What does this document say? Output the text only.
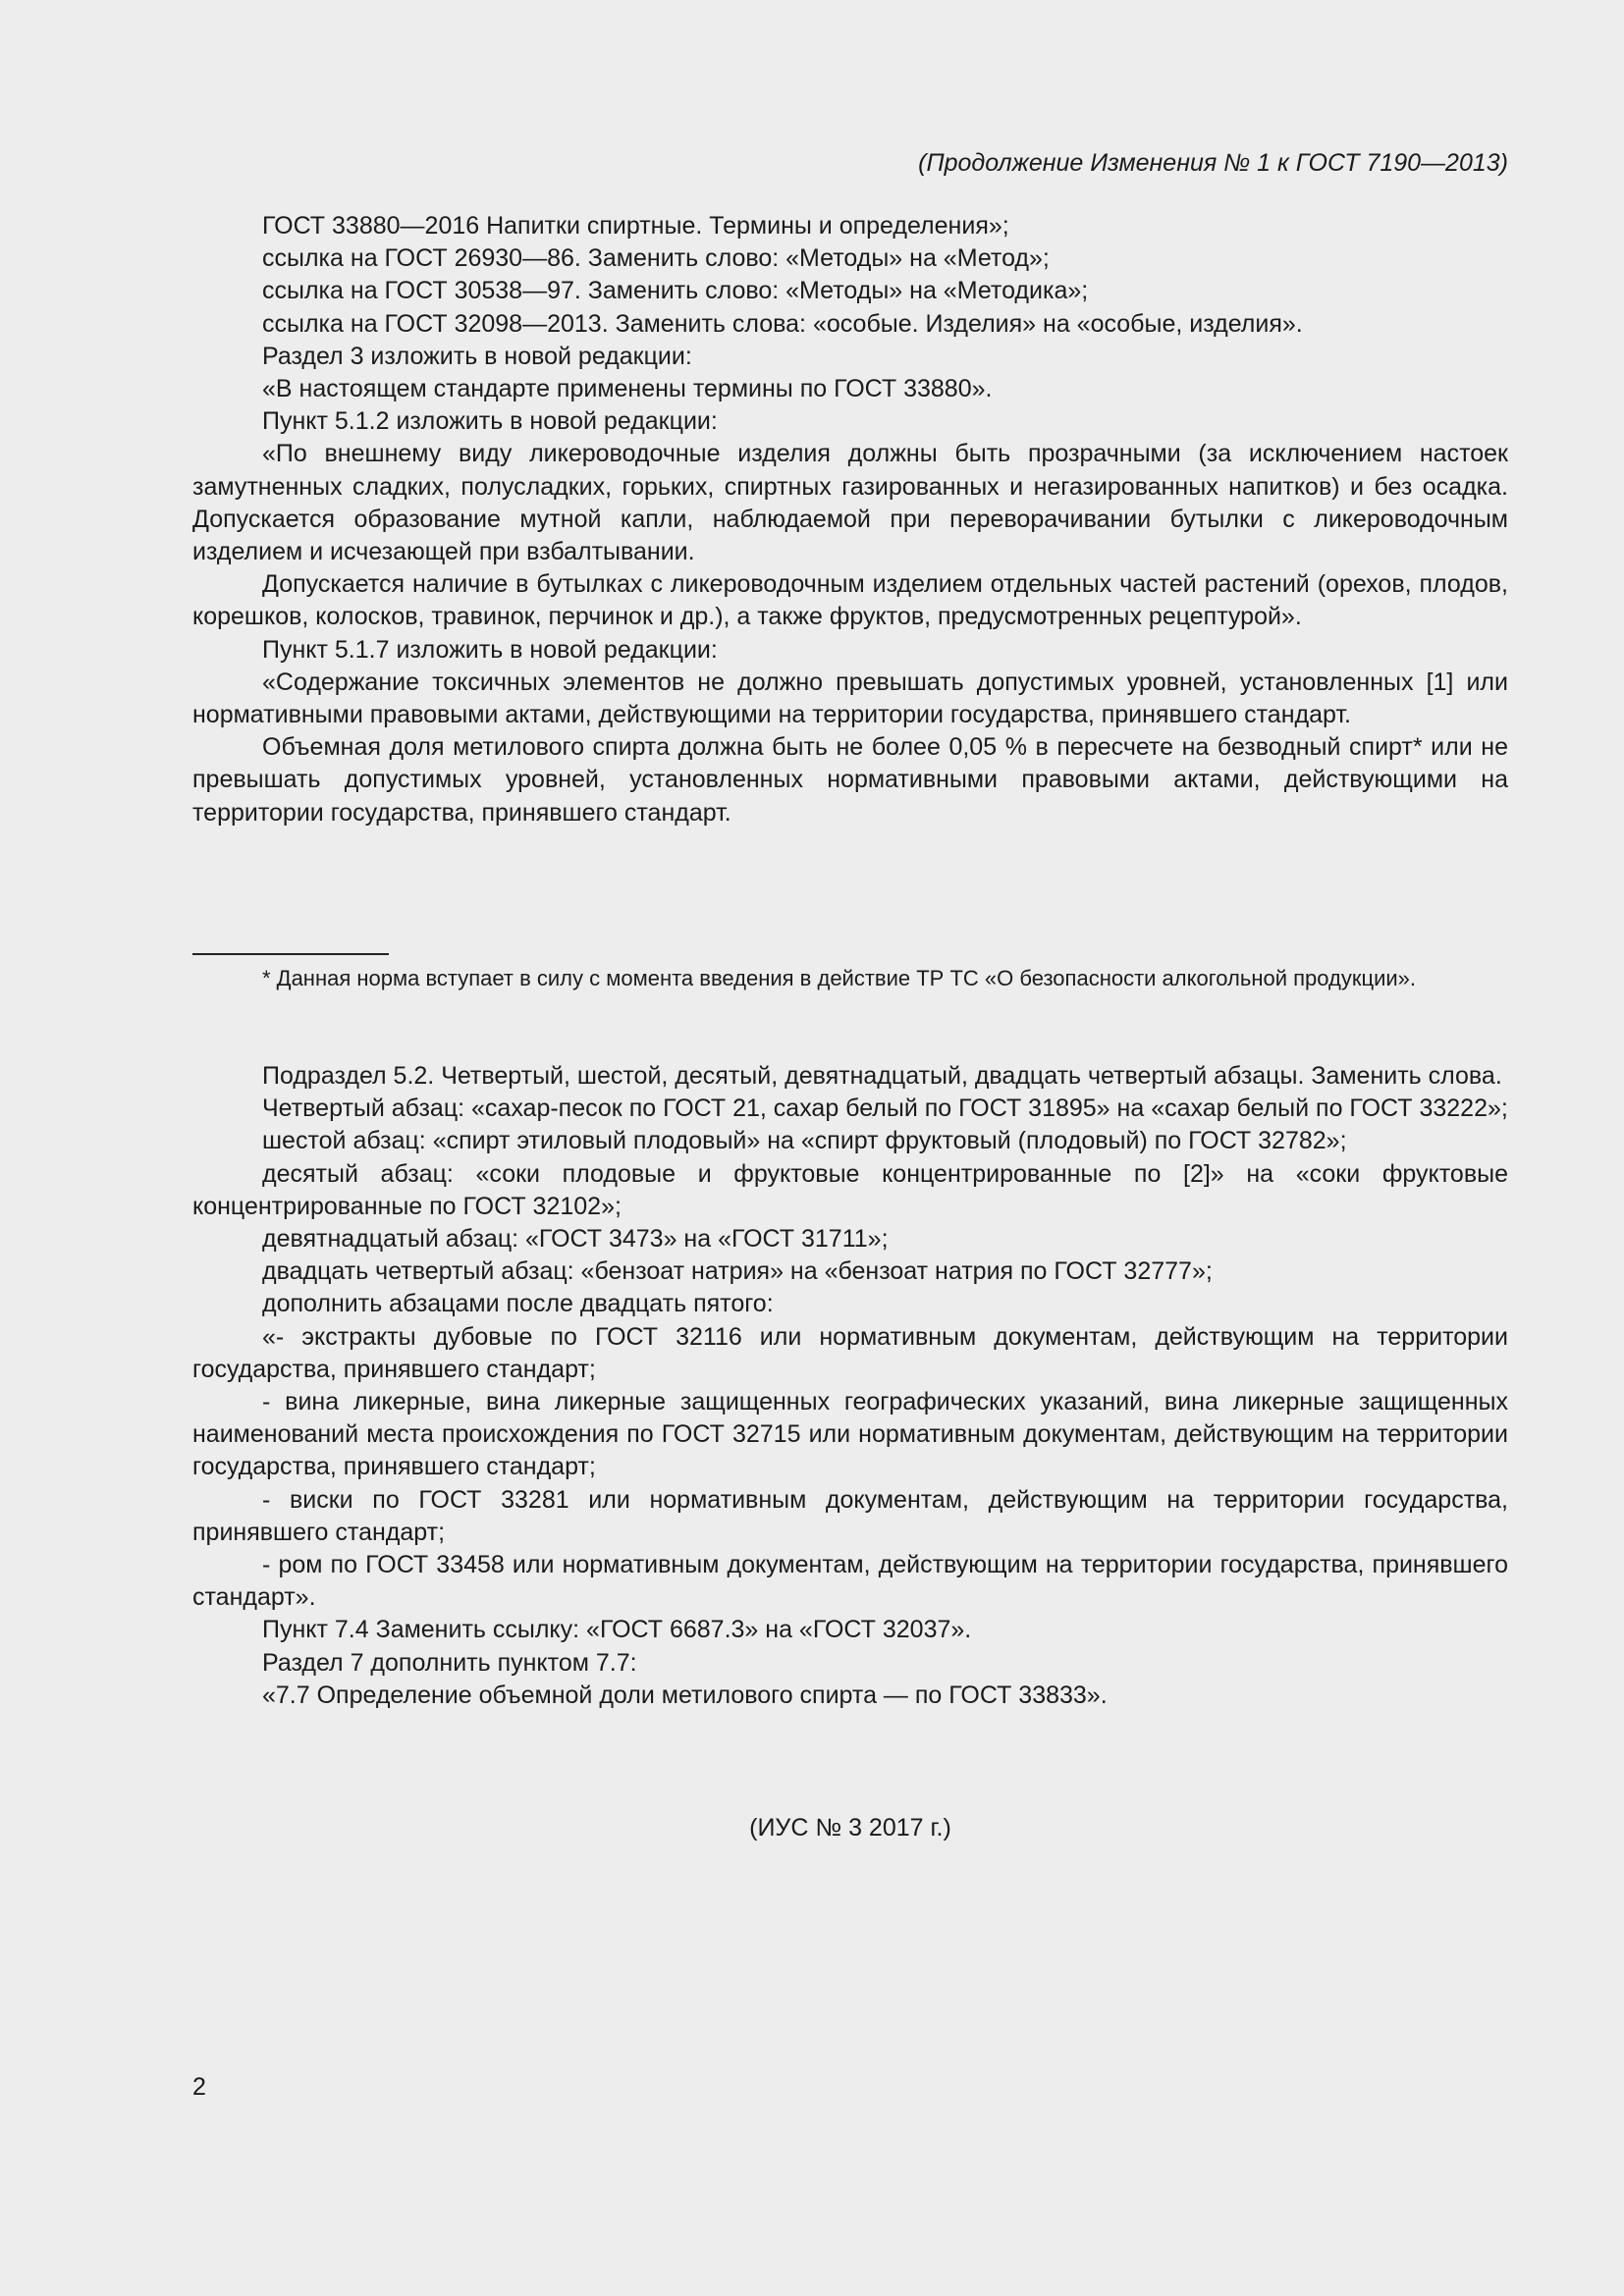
(Продолжение Изменения № 1 к ГОСТ 7190—2013)

ГОСТ 33880—2016 Напитки спиртные. Термины и определения»;

ссылка на ГОСТ 26930—86. Заменить слово: «Методы» на «Метод»;

ссылка на ГОСТ 30538—97. Заменить слово: «Методы» на «Методика»;

ссылка на ГОСТ 32098—2013. Заменить слова: «особые. Изделия» на «особые, изделия».

Раздел 3 изложить в новой редакции:

«В настоящем стандарте применены термины по ГОСТ 33880».

Пункт 5.1.2 изложить в новой редакции:

«По внешнему виду ликероводочные изделия должны быть прозрачными (за исключением настоек замутненных сладких, полусладких, горьких, спиртных газированных и негазированных напитков) и без осадка. Допускается образование мутной капли, наблюдаемой при переворачивании бутылки с ликероводочным изделием и исчезающей при взбалтывании.

Допускается наличие в бутылках с ликероводочным изделием отдельных частей растений (орехов, плодов, корешков, колосков, травинок, перчинок и др.), а также фруктов, предусмотренных рецептурой».

Пункт 5.1.7 изложить в новой редакции:

«Содержание токсичных элементов не должно превышать допустимых уровней, установленных [1] или нормативными правовыми актами, действующими на территории государства, принявшего стандарт.

Объемная доля метилового спирта должна быть не более 0,05 % в пересчете на безводный спирт* или не превышать допустимых уровней, установленных нормативными правовыми актами, действующими на территории государства, принявшего стандарт.

* Данная норма вступает в силу с момента введения в действие ТР ТС «О безопасности алкогольной продукции».

Подраздел 5.2. Четвертый, шестой, десятый, девятнадцатый, двадцать четвертый абзацы. Заменить слова.

Четвертый абзац: «сахар-песок по ГОСТ 21, сахар белый по ГОСТ 31895» на «сахар белый по ГОСТ 33222»;

шестой абзац: «спирт этиловый плодовый» на «спирт фруктовый (плодовый) по ГОСТ 32782»;

десятый абзац: «соки плодовые и фруктовые концентрированные по [2]» на «соки фруктовые концентрированные по ГОСТ 32102»;

девятнадцатый абзац: «ГОСТ 3473» на «ГОСТ 31711»;

двадцать четвертый абзац: «бензоат натрия» на «бензоат натрия по ГОСТ 32777»;

дополнить абзацами после двадцать пятого:

«- экстракты дубовые по ГОСТ 32116 или нормативным документам, действующим на территории государства, принявшего стандарт;

- вина ликерные, вина ликерные защищенных географических указаний, вина ликерные защищенных наименований места происхождения по ГОСТ 32715 или нормативным документам, действующим на территории государства, принявшего стандарт;

- виски по ГОСТ 33281 или нормативным документам, действующим на территории государства, принявшего стандарт;

- ром по ГОСТ 33458 или нормативным документам, действующим на территории государства, принявшего стандарт».

Пункт 7.4 Заменить ссылку: «ГОСТ 6687.3» на «ГОСТ 32037».

Раздел 7 дополнить пунктом 7.7:

«7.7 Определение объемной доли метилового спирта — по ГОСТ 33833».

(ИУС № 3 2017 г.)
2
